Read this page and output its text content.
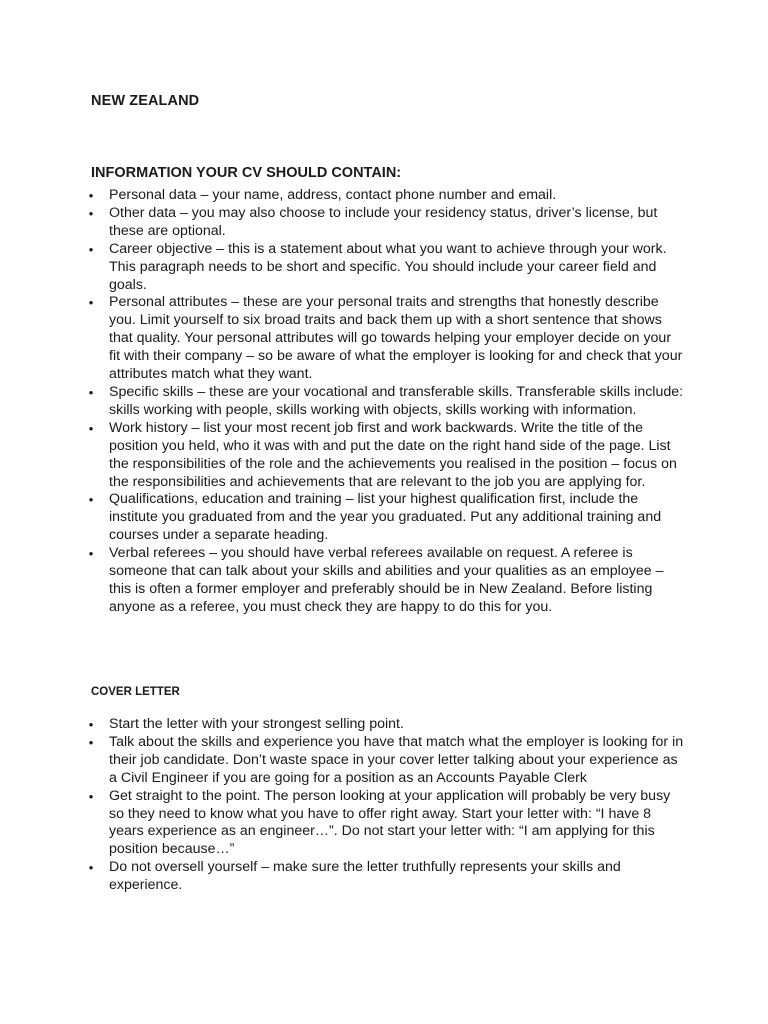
NEW ZEALAND
INFORMATION YOUR CV SHOULD CONTAIN:
• Personal data – your name, address, contact phone number and email.
• Other data – you may also choose to include your residency status, driver’s license, but these are optional.
• Career objective – this is a statement about what you want to achieve through your work. This paragraph needs to be short and specific. You should include your career field and goals.
• Personal attributes – these are your personal traits and strengths that honestly describe you. Limit yourself to six broad traits and back them up with a short sentence that shows that quality. Your personal attributes will go towards helping your employer decide on your fit with their company – so be aware of what the employer is looking for and check that your attributes match what they want.
• Specific skills – these are your vocational and transferable skills. Transferable skills include: skills working with people, skills working with objects, skills working with information.
• Work history – list your most recent job first and work backwards. Write the title of the position you held, who it was with and put the date on the right hand side of the page. List the responsibilities of the role and the achievements you realised in the position – focus on the responsibilities and achievements that are relevant to the job you are applying for.
• Qualifications, education and training – list your highest qualification first, include the institute you graduated from and the year you graduated. Put any additional training and courses under a separate heading.
• Verbal referees – you should have verbal referees available on request. A referee is someone that can talk about your skills and abilities and your qualities as an employee – this is often a former employer and preferably should be in New Zealand. Before listing anyone as a referee, you must check they are happy to do this for you.
COVER LETTER
• Start the letter with your strongest selling point.
• Talk about the skills and experience you have that match what the employer is looking for in their job candidate. Don’t waste space in your cover letter talking about your experience as a Civil Engineer if you are going for a position as an Accounts Payable Clerk
• Get straight to the point. The person looking at your application will probably be very busy so they need to know what you have to offer right away. Start your letter with: “I have 8 years experience as an engineer…”. Do not start your letter with: “I am applying for this position because…”
• Do not oversell yourself – make sure the letter truthfully represents your skills and experience.
